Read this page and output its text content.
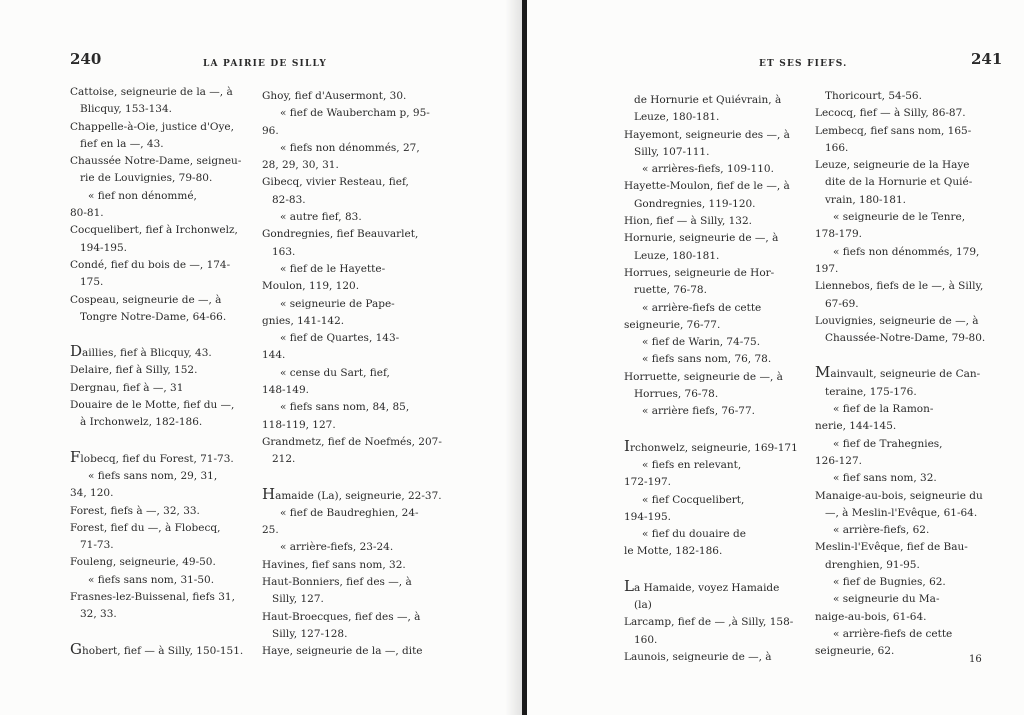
240	LA PAIRIE DE SILLY
Cattoise, seigneurie de la —, à
Blicquy, 153-134.
Chappelle-à-Oie, justice d'Oye,
fief en la —, 43.
Chaussée Notre-Dame, seigneu-
rie de Louvignies, 79-80.
« fief non dénommé,
80-81.
Cocquelibert, fief à Irchonwelz,
194-195.
Condé, fief du bois de —, 174-
175.
Cospeau, seigneurie de —, à
Tongre Notre-Dame, 64-66.
Daillies, fief à Blicquy, 43.
Delaire, fief à Silly, 152.
Dergnau, fief à —, 31
Douaire de le Motte, fief du —,
à Irchonwelz, 182-186.
Flobecq, fief du Forest, 71-73.
« fiefs sans nom, 29, 31,
34, 120.
Forest, fiefs à —, 32, 33.
Forest, fief du —, à Flobecq,
71-73.
Fouleng, seigneurie, 49-50.
« fiefs sans nom, 31-50.
Frasnes-lez-Buissenal, fiefs 31,
32, 33.
Ghobert, fief — à Silly, 150-151.
Ghoy, fief d'Ausermont, 30.
« fief de Waubercham p, 95-
96.
« fiefs non dénommés, 27,
28, 29, 30, 31.
Gibecq, vivier Resteau, fief,
82-83.
« autre fief, 83.
Gondregnies, fief Beauvarlet,
163.
« fief de le Hayette-
Moulon, 119, 120.
« seigneurie de Pape-
gnies, 141-142.
« fief de Quartes, 143-
144.
« cense du Sart, fief,
148-149.
« fiefs sans nom, 84, 85,
118-119, 127.
Grandmetz, fief de Noefmés, 207-
212.
Hamaide (La), seigneurie, 22-37.
« fief de Baudreghien, 24-
25.
« arrière-fiefs, 23-24.
Havines, fief sans nom, 32.
Haut-Bonniers, fief des —, à
Silly, 127.
Haut-Broecques, fief des —, à
Silly, 127-128.
Haye, seigneurie de la —, dite
ET SES FIEFS.	241
de Hornurie et Quiévrain, à
Leuze, 180-181.
Hayemont, seigneurie des —, à
Silly, 107-111.
« arrières-fiefs, 109-110.
Hayette-Moulon, fief de le —, à
Gondregnies, 119-120.
Hion, fief — à Silly, 132.
Hornurie, seigneurie de —, à
Leuze, 180-181.
Horrues, seigneurie de Hor-
ruette, 76-78.
« arrière-fiefs de cette
seigneurie, 76-77.
« fief de Warin, 74-75.
« fiefs sans nom, 76, 78.
Horruette, seigneurie de —, à
Horrues, 76-78.
« arrière fiefs, 76-77.
Irchonwelz, seigneurie, 169-171
« fiefs en relevant,
172-197.
« fief Cocquelibert,
194-195.
« fief du douaire de
le Motte, 182-186.
La Hamaide, voyez Hamaide
(la)
Larcamp, fief de — ,à Silly, 158-
160.
Launois, seigneurie de —, à
Thoricourt, 54-56.
Lecocq, fief — à Silly, 86-87.
Lembecq, fief sans nom, 165-
166.
Leuze, seigneurie de la Haye
dite de la Hornurie et Quié-
vrain, 180-181.
« seigneurie de le Tenre,
178-179.
« fiefs non dénommés, 179,
197.
Liennebos, fiefs de le —, à Silly,
67-69.
Louvignies, seigneurie de —, à
Chaussée-Notre-Dame, 79-80.
Mainvault, seigneurie de Can-
teraine, 175-176.
« fief de la Ramon-
nerie, 144-145.
« fief de Trahegnies,
126-127.
« fief sans nom, 32.
Manaige-au-bois, seigneurie du
—, à Meslin-l'Evêque, 61-64.
« arrière-fiefs, 62.
Meslin-l'Evêque, fief de Bau-
drenghien, 91-95.
« fief de Bugnies, 62.
« seigneurie du Ma-
naige-au-bois, 61-64.
« arrière-fiefs de cette
seigneurie, 62.
16
